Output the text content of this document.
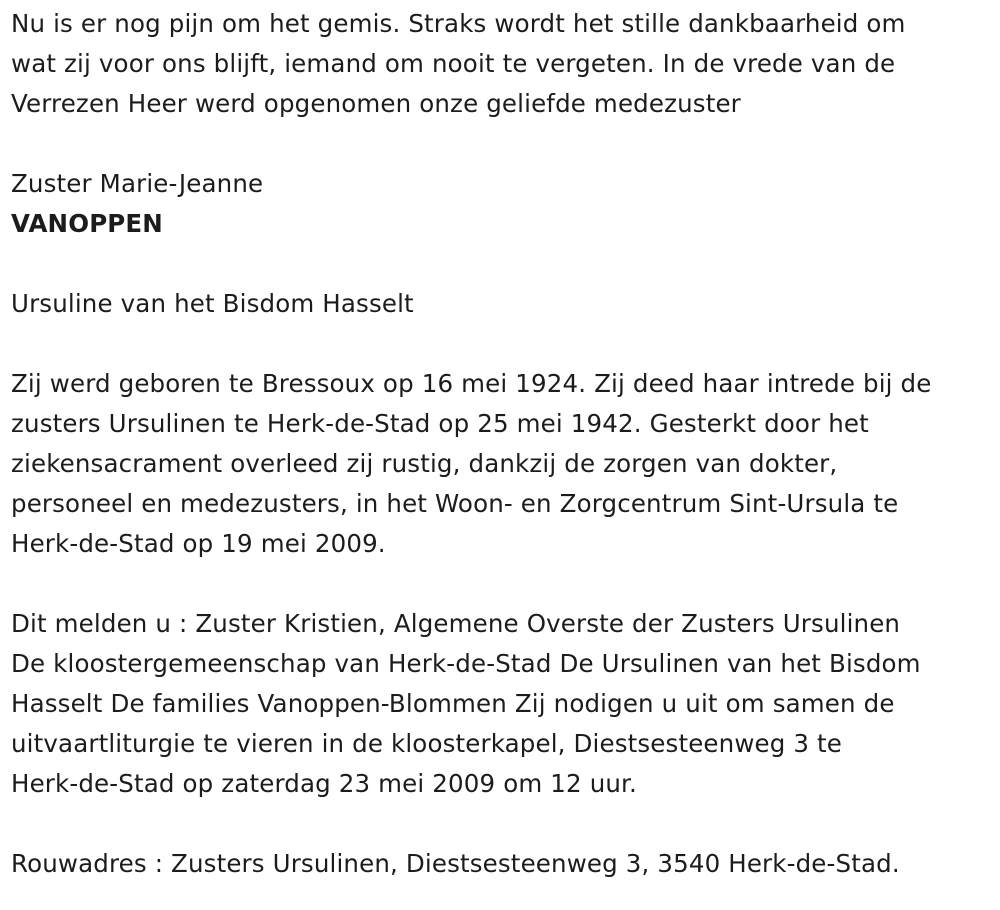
Nu is er nog pijn om het gemis. Straks wordt het stille dankbaarheid om
wat zij voor ons blijft, iemand om nooit te vergeten. In de vrede van de
Verrezen Heer werd opgenomen onze geliefde medezuster

Zuster Marie-Jeanne
VANOPPEN

Ursuline van het Bisdom Hasselt

Zij werd geboren te Bressoux op 16 mei 1924. Zij deed haar intrede bij de
zusters Ursulinen te Herk-de-Stad op 25 mei 1942. Gesterkt door het
ziekensacrament overleed zij rustig, dankzij de zorgen van dokter,
personeel en medezusters, in het Woon- en Zorgcentrum Sint-Ursula te
Herk-de-Stad op 19 mei 2009.

Dit melden u : Zuster Kristien, Algemene Overste der Zusters Ursulinen
De kloostergemeenschap van Herk-de-Stad De Ursulinen van het Bisdom
Hasselt De families Vanoppen-Blommen Zij nodigen u uit om samen de
uitvaartliturgie te vieren in de kloosterkapel, Diestsesteenweg 3 te
Herk-de-Stad op zaterdag 23 mei 2009 om 12 uur.

Rouwadres : Zusters Ursulinen, Diestsesteenweg 3, 3540 Herk-de-Stad.
